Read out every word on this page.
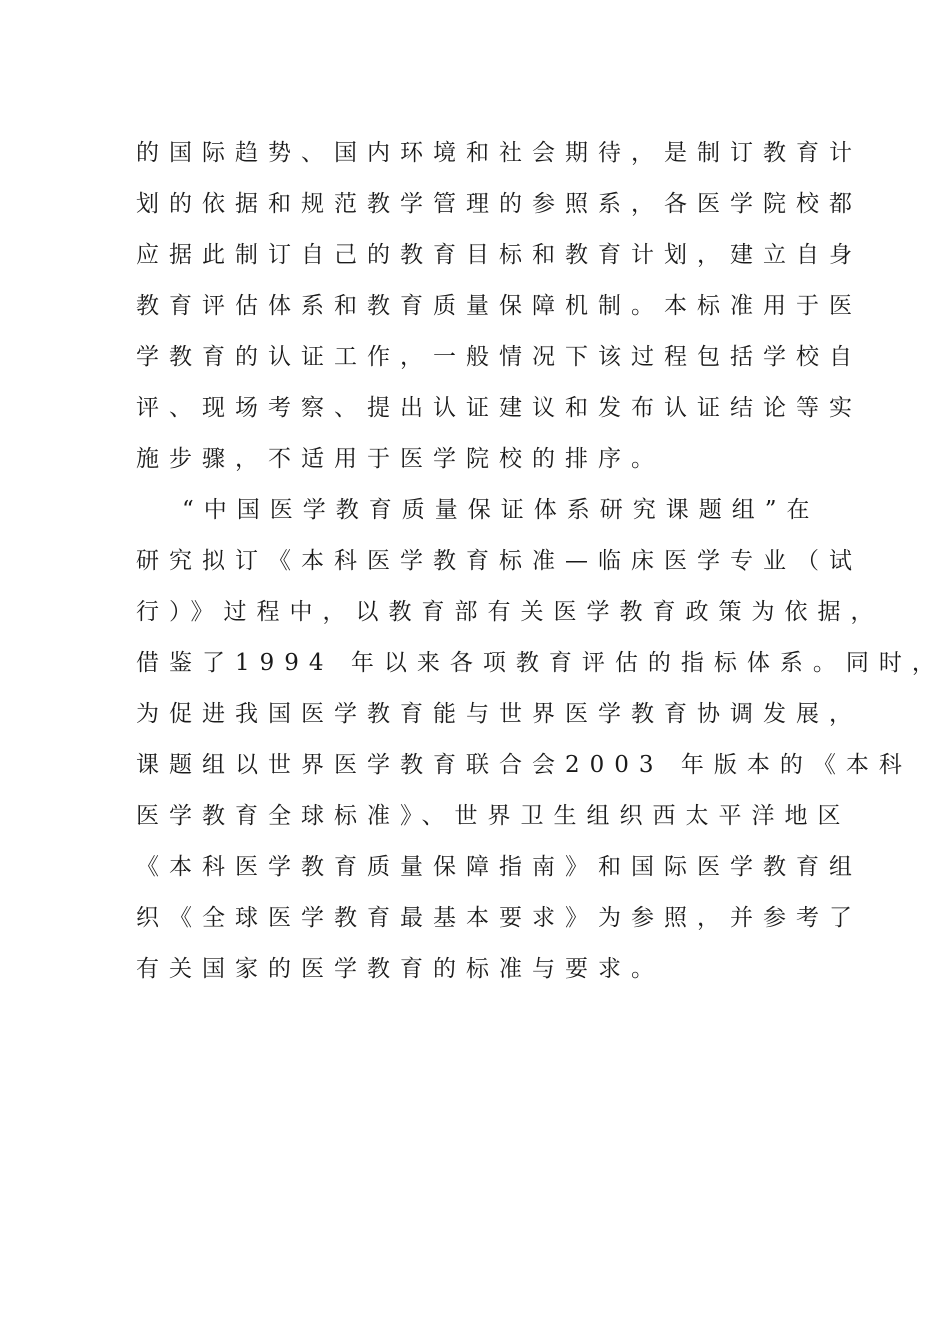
的国际趋势、国内环境和社会期待，是制订教育计
划的依据和规范教学管理的参照系，各医学院校都
应据此制订自己的教育目标和教育计划，建立自身
教育评估体系和教育质量保障机制。本标准用于医
学教育的认证工作，一般情况下该过程包括学校自
评、现场考察、提出认证建议和发布认证结论等实
施步骤，不适用于医学院校的排序。
“中国医学教育质量保证体系研究课题组”在
研究拟订《本科医学教育标准—临床医学专业（试
行）》过程中，以教育部有关医学教育政策为依据，
借鉴了1994 年以来各项教育评估的指标体系。同时，
为促进我国医学教育能与世界医学教育协调发展，
课题组以世界医学教育联合会2003 年版本的《本科
医学教育全球标准》、世界卫生组织西太平洋地区
《本科医学教育质量保障指南》和国际医学教育组
织《全球医学教育最基本要求》为参照，并参考了
有关国家的医学教育的标准与要求。
